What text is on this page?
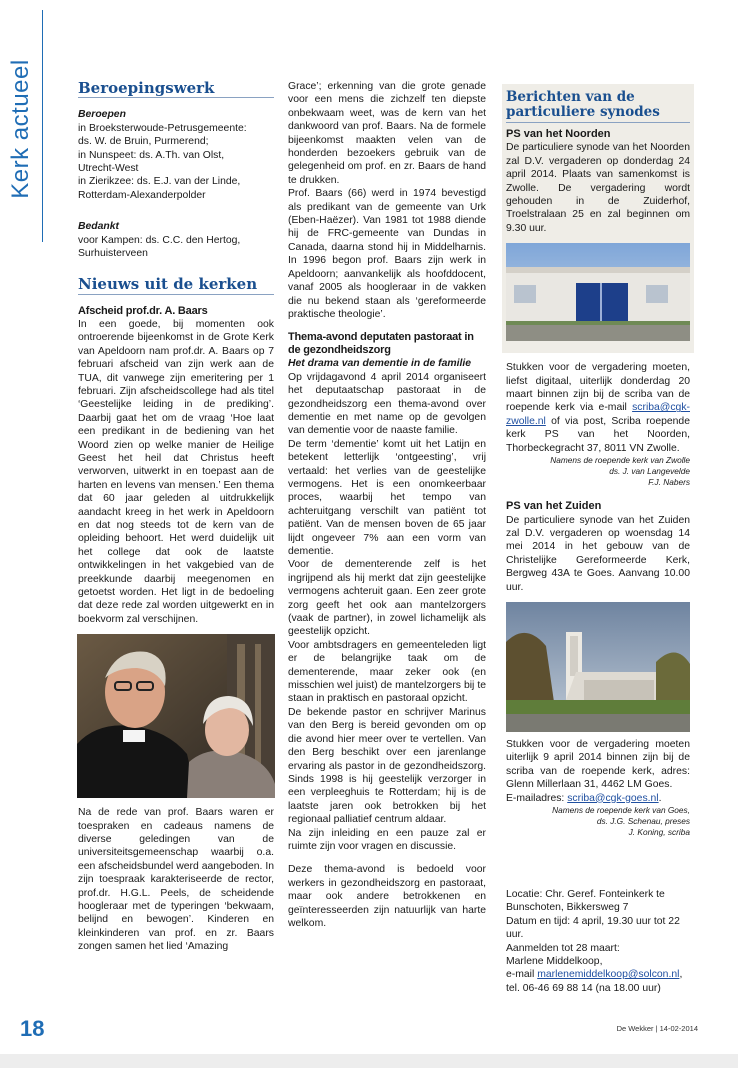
Kerk actueel	Beroepingswerk
Beroepen
in Broeksterwoude-Petrusgemeente:
ds. W. de Bruin, Purmerend;
in Nunspeet: ds. A.Th. van Olst,
Utrecht-West
in Zierikzee: ds. E.J. van der Linde,
Rotterdam-Alexanderpolder
Bedankt
voor Kampen: ds. C.C. den Hertog,
Surhuisterveen
Nieuws uit de kerken
Afscheid prof.dr. A. Baars
In een goede, bij momenten ook ontroerende bijeenkomst in de Grote Kerk van Apeldoorn nam prof.dr. A. Baars op 7 februari afscheid van zijn werk aan de TUA, dit vanwege zijn emeritering per 1 februari. Zijn afscheidscollege had als titel ‘Geestelijke leiding in de prediking’. Daarbij gaat het om de vraag ‘Hoe laat een predikant in de bediening van het Woord zien op welke manier de Heilige Geest het heil dat Christus heeft verworven, uitwerkt in en toepast aan de harten en levens van mensen.’ Een thema dat 60 jaar geleden al uitdrukkelijk aandacht kreeg in het werk in Apeldoorn en dat nog steeds tot de kern van de opleiding behoort. Het werd duidelijk uit het college dat ook de laatste ontwikkelingen in het vakgebied van de preekkunde daarbij meegenomen en getoetst worden. Het ligt in de bedoeling dat deze rede zal worden uitgewerkt en in boekvorm zal verschijnen.
Na de rede van prof. Baars waren er toespraken en cadeaus namens de diverse geledingen van de universiteitsgemeenschap waarbij o.a. een afscheidsbundel werd aangeboden. In zijn toespraak karakteriseerde de rector, prof.dr. H.G.L. Peels, de scheidende hoogleraar met de typeringen ‘bekwaam, belijnd en bewogen’. Kinderen en kleinkinderen van prof. en zr. Baars zongen samen het lied ‘Amazing
Grace’; erkenning van die grote genade voor een mens die zichzelf ten diepste onbekwaam weet, was de kern van het dankwoord van prof. Baars. Na de formele bijeenkomst maakten velen van de honderden bezoekers gebruik van de gelegenheid om prof. en zr. Baars de hand te drukken.
Prof. Baars (66) werd in 1974 bevestigd als predikant van de gemeente van Urk (Eben-Haëzer). Van 1981 tot 1988 diende hij de FRC-gemeente van Dundas in Canada, daarna stond hij in Middelharnis. In 1996 begon prof. Baars zijn werk in Apeldoorn; aanvankelijk als hoofddocent, vanaf 2005 als hoogleraar in de vakken die nu bekend staan als ‘gereformeerde praktische theologie’.
Thema-avond deputaten pastoraat in de gezondheidszorg
Het drama van dementie in de familie
Op vrijdagavond 4 april 2014 organiseert het deputaatschap pastoraat in de gezondheidszorg een thema-avond over dementie en met name op de gevolgen van dementie voor de naaste familie.
De term ‘dementie’ komt uit het Latijn en betekent letterlijk ‘ontgeesting’, vrij vertaald: het verlies van de geestelijke vermogens. Het is een onomkeerbaar proces, waarbij het tempo van achteruitgang verschilt van patiënt tot patiënt. Van de mensen boven de 65 jaar lijdt ongeveer 7% aan een vorm van dementie.
Voor de dementerende zelf is het ingrijpend als hij merkt dat zijn geestelijke vermogens achteruit gaan. Een zeer grote zorg geeft het ook aan mantelzorgers (vaak de partner), in zowel lichamelijk als geestelijk opzicht.
Voor ambtsdragers en gemeenteleden ligt er de belangrijke taak om de dementerende, maar zeker ook (en misschien wel juist) de mantelzorgers bij te staan in praktisch en pastoraal opzicht.
De bekende pastor en schrijver Marinus van den Berg is bereid gevonden om op die avond hier meer over te vertellen. Van den Berg beschikt over een jarenlange ervaring als pastor in de gezondheidszorg. Sinds 1998 is hij geestelijk verzorger in een verpleeghuis te Rotterdam; hij is de laatste jaren ook betrokken bij het regionaal palliatief centrum aldaar.
Na zijn inleiding en een pauze zal er ruimte zijn voor vragen en discussie.
Deze thema-avond is bedoeld voor werkers in gezondheidszorg en pastoraat, maar ook andere betrokkenen en geïnteresseerden zijn natuurlijk van harte welkom.
Berichten van de particuliere synodes
PS van het Noorden
De particuliere synode van het Noorden zal D.V. vergaderen op donderdag 24 april 2014. Plaats van samenkomst is Zwolle. De vergadering wordt gehouden in de Zuiderhof, Troelstralaan 25 en zal beginnen om 9.30 uur.
Stukken voor de vergadering moeten, liefst digitaal, uiterlijk donderdag 20 maart binnen zijn bij de scriba van de roepende kerk via e-mail scriba@cgk-zwolle.nl of via post, Scriba roepende kerk PS van het Noorden, Thorbeckegracht 37, 8011 VN Zwolle.
Namens de roepende kerk van Zwolle
ds. J. van Langevelde
F.J. Nabers
PS van het Zuiden
De particuliere synode van het Zuiden zal D.V. vergaderen op woensdag 14 mei 2014 in het gebouw van de Christelijke Gereformeerde Kerk, Bergweg 43A te Goes. Aanvang 10.00 uur.
Stukken voor de vergadering moeten uiterlijk 9 april 2014 binnen zijn bij de scriba van de roepende kerk, adres: Glenn Millerlaan 31, 4462 LM Goes.
E-mailadres: scriba@cgk-goes.nl.
Namens de roepende kerk van Goes,
ds. J.G. Schenau, preses
J. Koning, scriba
Locatie: Chr. Geref. Fonteinkerk te Bunschoten, Bikkersweg 7
Datum en tijd: 4 april, 19.30 uur tot 22 uur.
Aanmelden tot 28 maart:
Marlene Middelkoop,
e-mail marlenemiddelkoop@solcon.nl,
tel. 06-46 69 88 14 (na 18.00 uur)
18	De Wekker | 14-02-2014
